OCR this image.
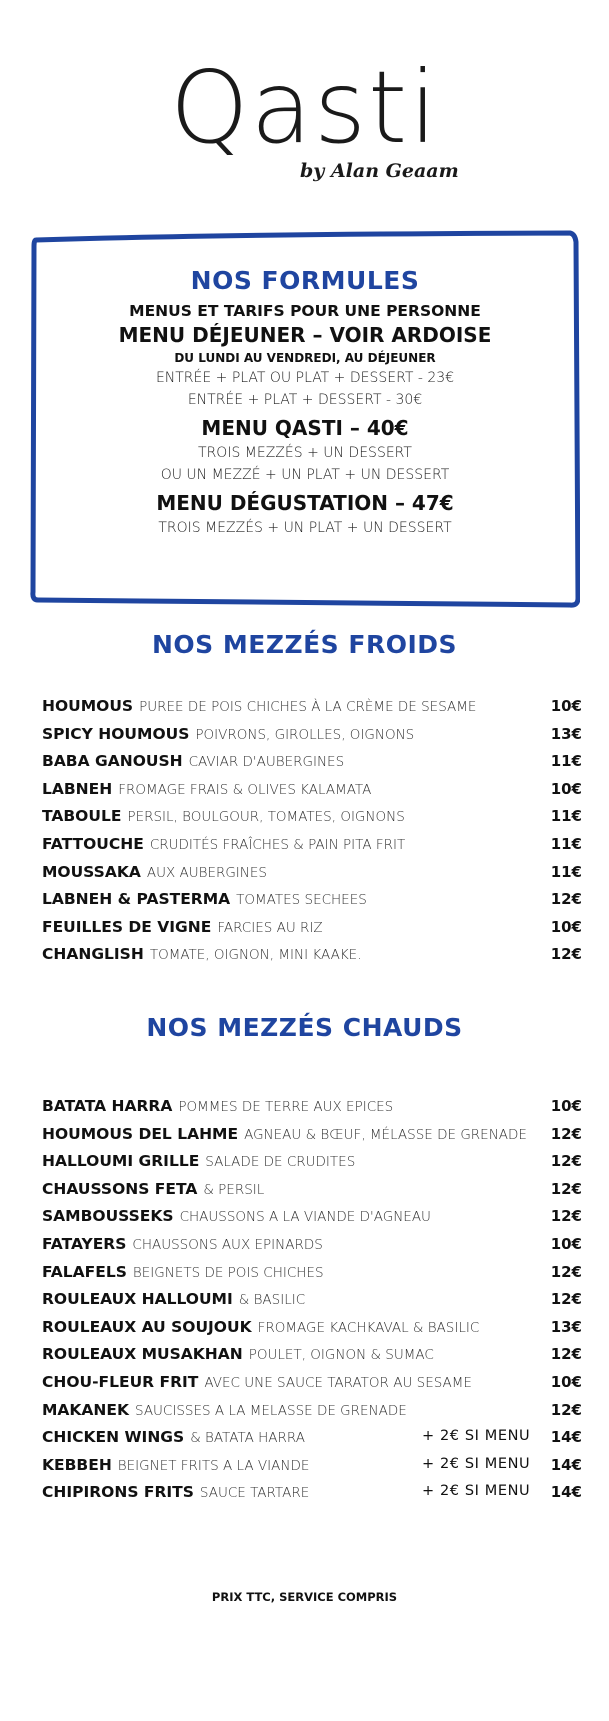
Qasti
by Alan Geaam

NOS FORMULES

MENUS ET TARIFS POUR UNE PERSONNE

MENU DÉJEUNER – VOIR ARDOISE

DU LUNDI AU VENDREDI, AU DÉJEUNER

ENTRÉE + PLAT OU PLAT + DESSERT - 23€

ENTRÉE + PLAT + DESSERT - 30€

MENU QASTI – 40€

TROIS MEZZÉS + UN DESSERT

OU UN MEZZÉ + UN PLAT + UN DESSERT

MENU DÉGUSTATION – 47€

TROIS MEZZÉS + UN PLAT + UN DESSERT

NOS MEZZÉS FROIDS

HOUMOUS PUREE DE POIS CHICHES À LA CRÈME DE SESAME	10€
SPICY HOUMOUS POIVRONS, GIROLLES, OIGNONS	13€
BABA GANOUSH CAVIAR D'AUBERGINES	11€
LABNEH FROMAGE FRAIS & OLIVES KALAMATA	10€
TABOULE PERSIL, BOULGOUR, TOMATES, OIGNONS	11€
FATTOUCHE CRUDITÉS FRAÎCHES & PAIN PITA FRIT	11€
MOUSSAKA AUX AUBERGINES	11€
LABNEH & PASTERMA TOMATES SECHEES	12€
FEUILLES DE VIGNE FARCIES AU RIZ	10€
CHANGLISH TOMATE, OIGNON, MINI KAAKE.	12€

NOS MEZZÉS CHAUDS

BATATA HARRA POMMES DE TERRE AUX EPICES	10€
HOUMOUS DEL LAHME AGNEAU & BŒUF, MÉLASSE DE GRENADE 12€
HALLOUMI GRILLE SALADE DE CRUDITES	12€
CHAUSSONS FETA & PERSIL	12€
SAMBOUSSEKS CHAUSSONS A LA VIANDE D'AGNEAU	12€
FATAYERS CHAUSSONS AUX EPINARDS	10€
FALAFELS BEIGNETS DE POIS CHICHES	12€
ROULEAUX HALLOUMI & BASILIC	12€
ROULEAUX AU SOUJOUK FROMAGE KACHKAVAL & BASILIC	13€
ROULEAUX MUSAKHAN POULET, OIGNON & SUMAC	12€
CHOU-FLEUR FRIT AVEC UNE SAUCE TARATOR AU SESAME	10€
MAKANEK SAUCISSES A LA MELASSE DE GRENADE	12€
CHICKEN WINGS & BATATA HARRA	+ 2€ SI MENU 14€
KEBBEH BEIGNET FRITS A LA VIANDE	+ 2€ SI MENU 14€
CHIPIRONS FRITS SAUCE TARTARE	+ 2€ SI MENU 14€
PRIX TTC, SERVICE COMPRIS
